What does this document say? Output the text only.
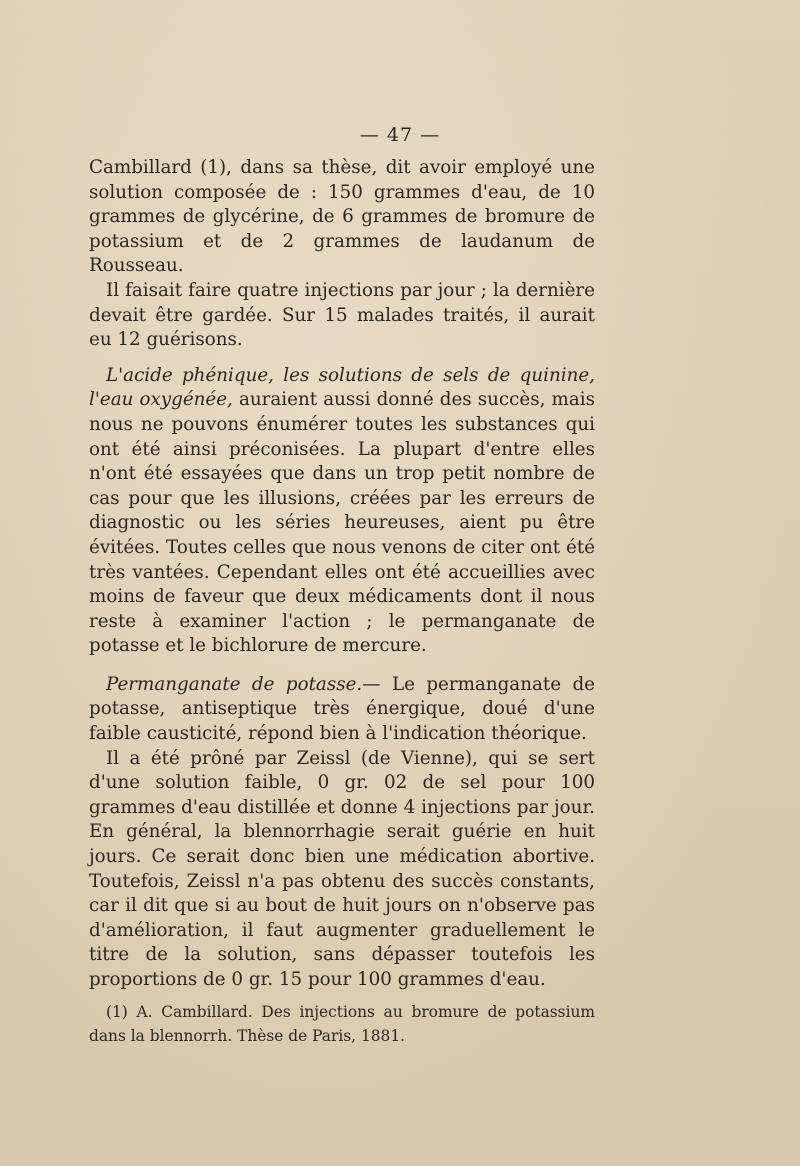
— 47 —

Cambillard (1), dans sa thèse, dit avoir employé une solution composée de : 150 grammes d'eau, de 10 grammes de glycérine, de 6 grammes de bromure de potassium et de 2 grammes de laudanum de Rousseau.

Il faisait faire quatre injections par jour ; la dernière devait être gardée. Sur 15 malades traités, il aurait eu 12 guérisons.

L'acide phénique, les solutions de sels de quinine, l'eau oxygénée, auraient aussi donné des succès, mais nous ne pouvons énumérer toutes les substances qui ont été ainsi préconisées. La plupart d'entre elles n'ont été essayées que dans un trop petit nombre de cas pour que les illusions, créées par les erreurs de diagnostic ou les séries heureuses, aient pu être évitées. Toutes celles que nous venons de citer ont été très vantées. Cependant elles ont été accueillies avec moins de faveur que deux médicaments dont il nous reste à examiner l'action ; le permanganate de potasse et le bichlorure de mercure.

Permanganate de potasse.— Le permanganate de potasse, antiseptique très énergique, doué d'une faible causticité, répond bien à l'indication théorique.

Il a été prôné par Zeissl (de Vienne), qui se sert d'une solution faible, 0 gr. 02 de sel pour 100 grammes d'eau distillée et donne 4 injections par jour. En général, la blennorrhagie serait guérie en huit jours. Ce serait donc bien une médication abortive. Toutefois, Zeissl n'a pas obtenu des succès constants, car il dit que si au bout de huit jours on n'observe pas d'amélioration, il faut augmenter graduellement le titre de la solution, sans dépasser toutefois les proportions de 0 gr. 15 pour 100 grammes d'eau.

(1) A. Cambillard. Des injections au bromure de potassium dans la blennorrh. Thèse de Paris, 1881.
